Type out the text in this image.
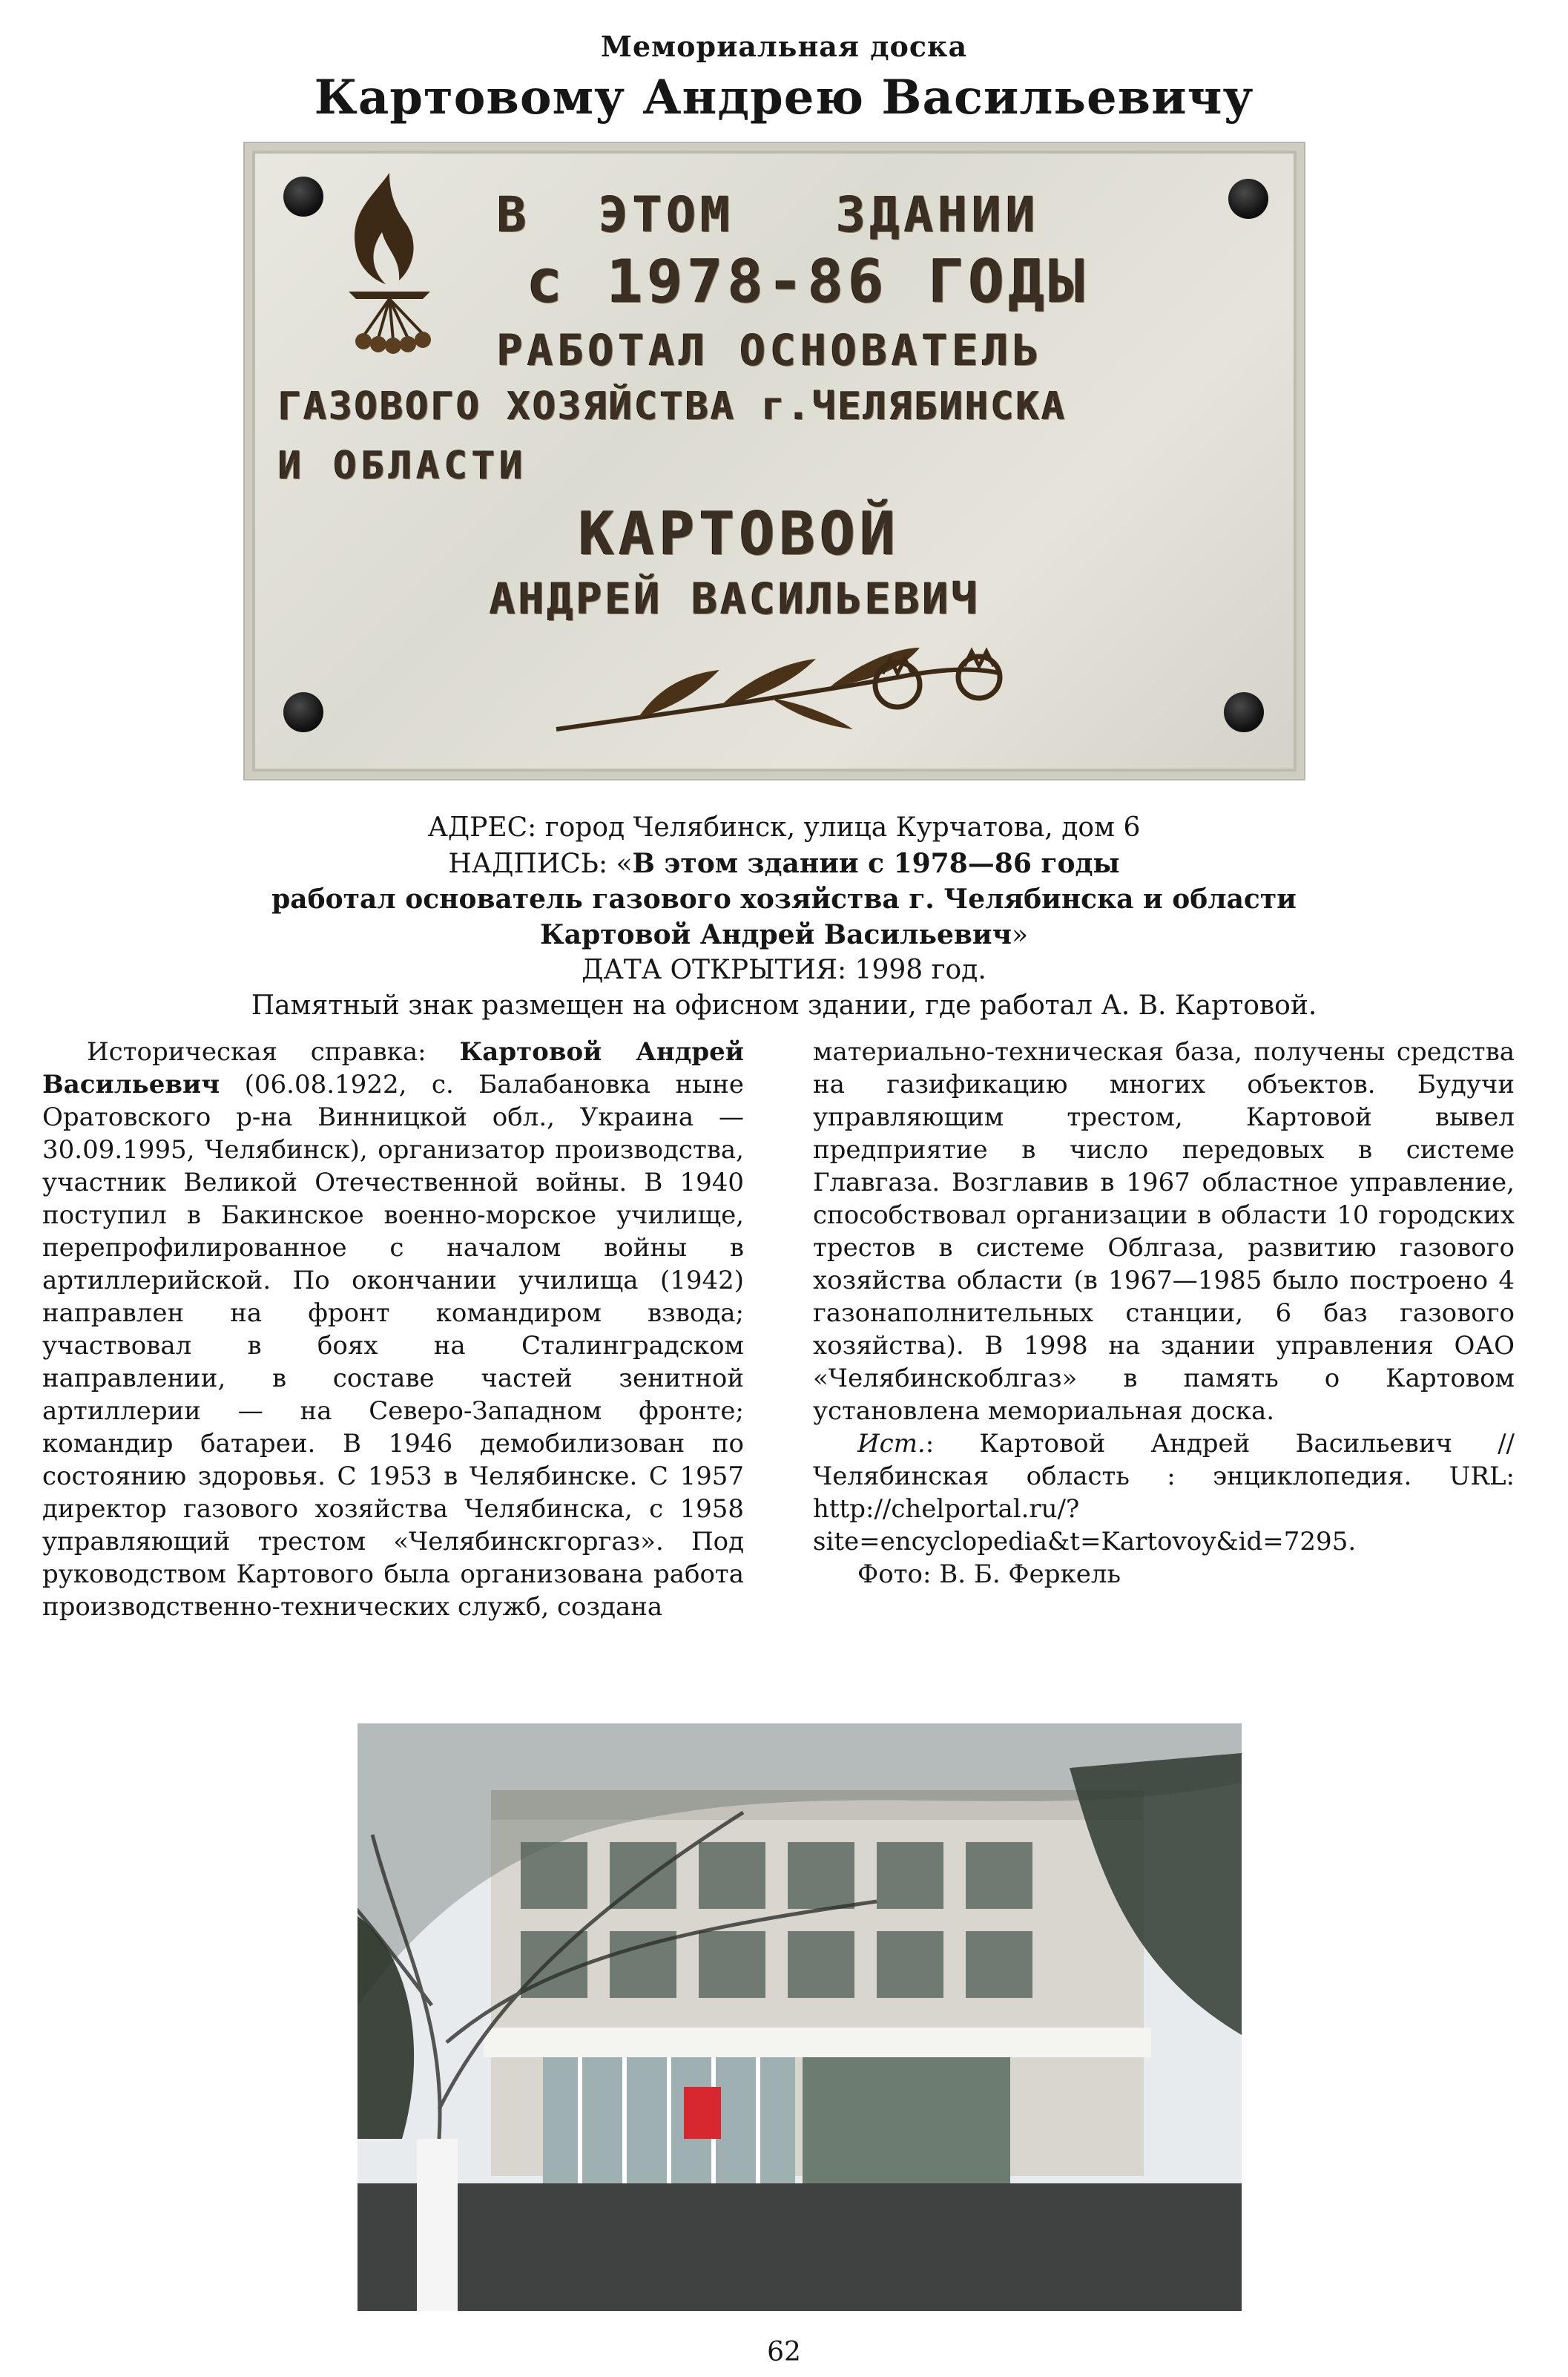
Мемориальная доска
Картовому Андрею Васильевичу
В  ЭТОМ   ЗДАНИИ
с 1978-86 ГОДЫ
РАБОТАЛ ОСНОВАТЕЛЬ
ГАЗОВОГО ХОЗЯЙСТВА г.ЧЕЛЯБИНСКА
И ОБЛАСТИ
КАРТОВОЙ
АНДРЕЙ ВАСИЛЬЕВИЧ
АДРЕС: город Челябинск, улица Курчатова, дом 6
НАДПИСЬ: «В этом здании с 1978—86 годы
работал основатель газового хозяйства г. Челябинска и области
Картовой Андрей Васильевич»
ДАТА ОТКРЫТИЯ: 1998 год.
Памятный знак размещен на офисном здании, где работал А. В. Картовой.

Историческая справка: Картовой Андрей Васильевич (06.08.1922, с. Балабановка ныне Оратовского р-на Винницкой обл., Украина — 30.09.1995, Челябинск), организатор производства, участник Великой Отечественной войны. В 1940 поступил в Бакинское военно-морское училище, перепрофилированное с началом войны в артиллерийской. По окончании училища (1942) направлен на фронт командиром взвода; участвовал в боях на Сталинградском направлении, в составе частей зенитной артиллерии — на Северо-Западном фронте; командир батареи. В 1946 демобилизован по состоянию здоровья. С 1953 в Челябинске. С 1957 директор газового хозяйства Челябинска, с 1958 управляющий трестом «Челябинскгоргаз». Под руководством Картового была организована работа производственно-технических служб, создана

материально-техническая база, получены средства на газификацию многих объектов. Будучи управляющим трестом, Картовой вывел предприятие в число передовых в системе Главгаза. Возглавив в 1967 областное управление, способствовал организации в области 10 городских трестов в системе Облгаза, развитию газового хозяйства области (в 1967—1985 было построено 4 газонаполнительных станции, 6 баз газового хозяйства). В 1998 на здании управления ОАО «Челябинскоблгаз» в память о Картовом установлена мемориальная доска.

Ист.: Картовой Андрей Васильевич // Челябинская область : энциклопедия. URL: http://chelportal.ru/?site=encyclopedia&t=Kartovoy&id=7295.

Фото: В. Б. Феркель

62
